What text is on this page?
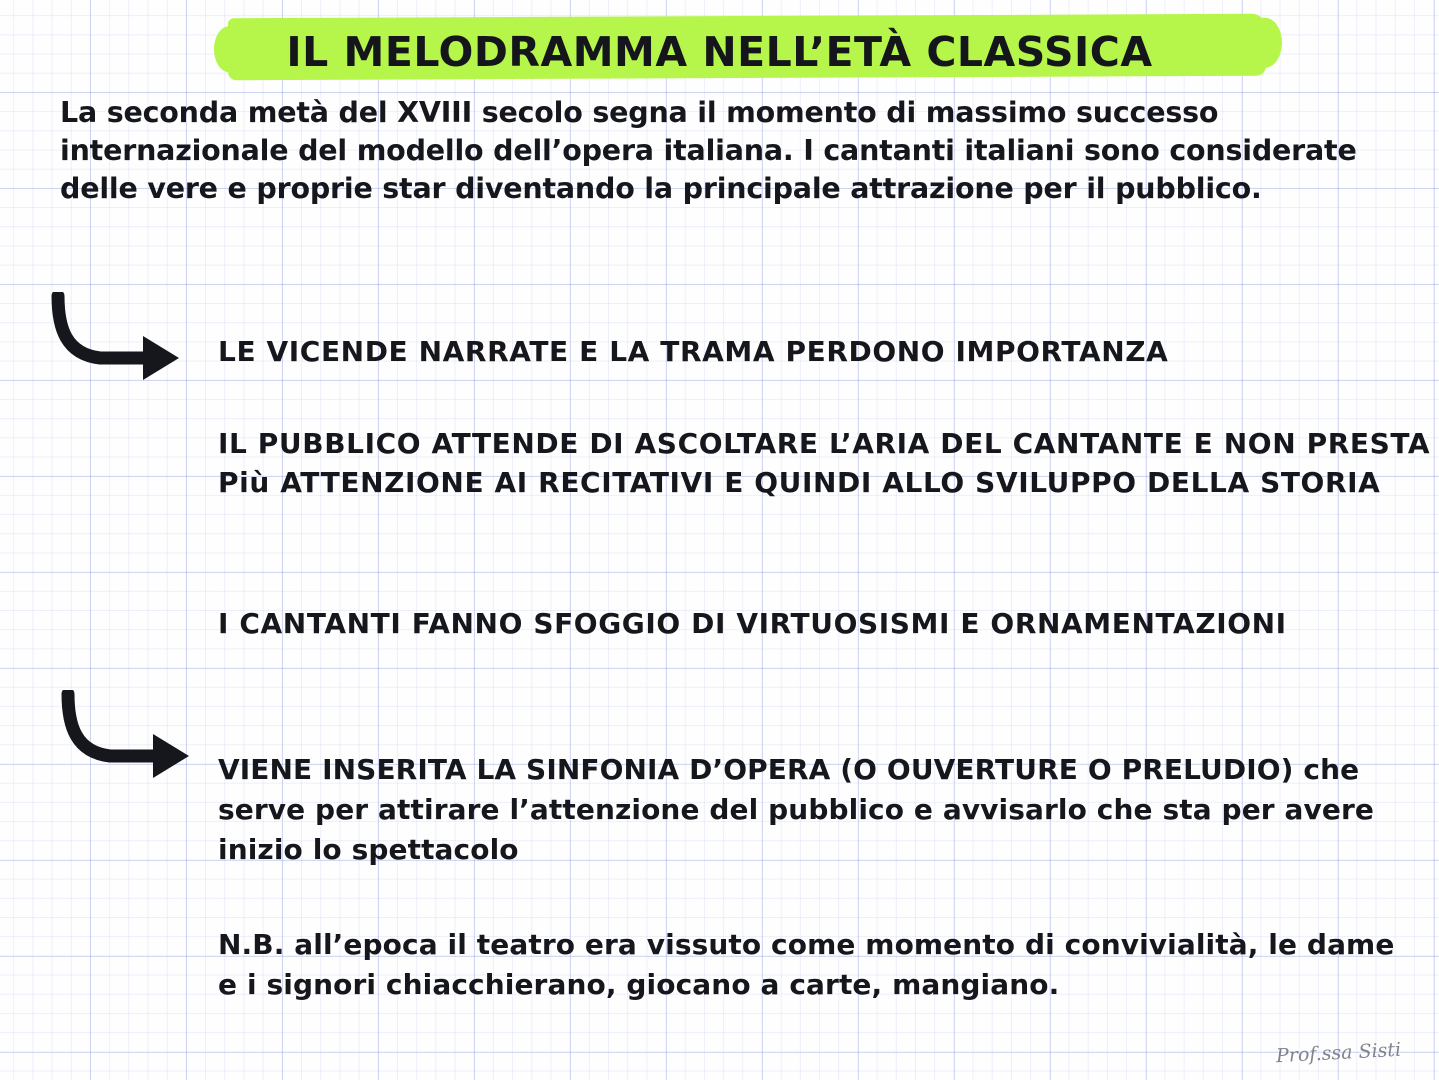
IL MELODRAMMA NELL’ETÀ CLASSICA
La seconda metà del XVIII secolo segna il momento di massimo successo internazionale del modello dell’opera italiana. I cantanti italiani sono considerate delle vere e proprie star diventando la principale attrazione per il pubblico.
LE VICENDE NARRATE E LA TRAMA PERDONO IMPORTANZA
IL PUBBLICO ATTENDE DI ASCOLTARE L’ARIA DEL CANTANTE E NON PRESTA Più ATTENZIONE AI RECITATIVI E QUINDI ALLO SVILUPPO DELLA STORIA
I CANTANTI FANNO SFOGGIO DI VIRTUOSISMI E ORNAMENTAZIONI
VIENE INSERITA LA SINFONIA D’OPERA (O OUVERTURE O PRELUDIO) che serve per attirare l’attenzione del pubblico e avvisarlo che sta per avere inizio lo spettacolo
N.B. all’epoca il teatro era vissuto come momento di convivialità, le dame e i signori chiacchierano, giocano a carte, mangiano.
Prof.ssa Sisti
